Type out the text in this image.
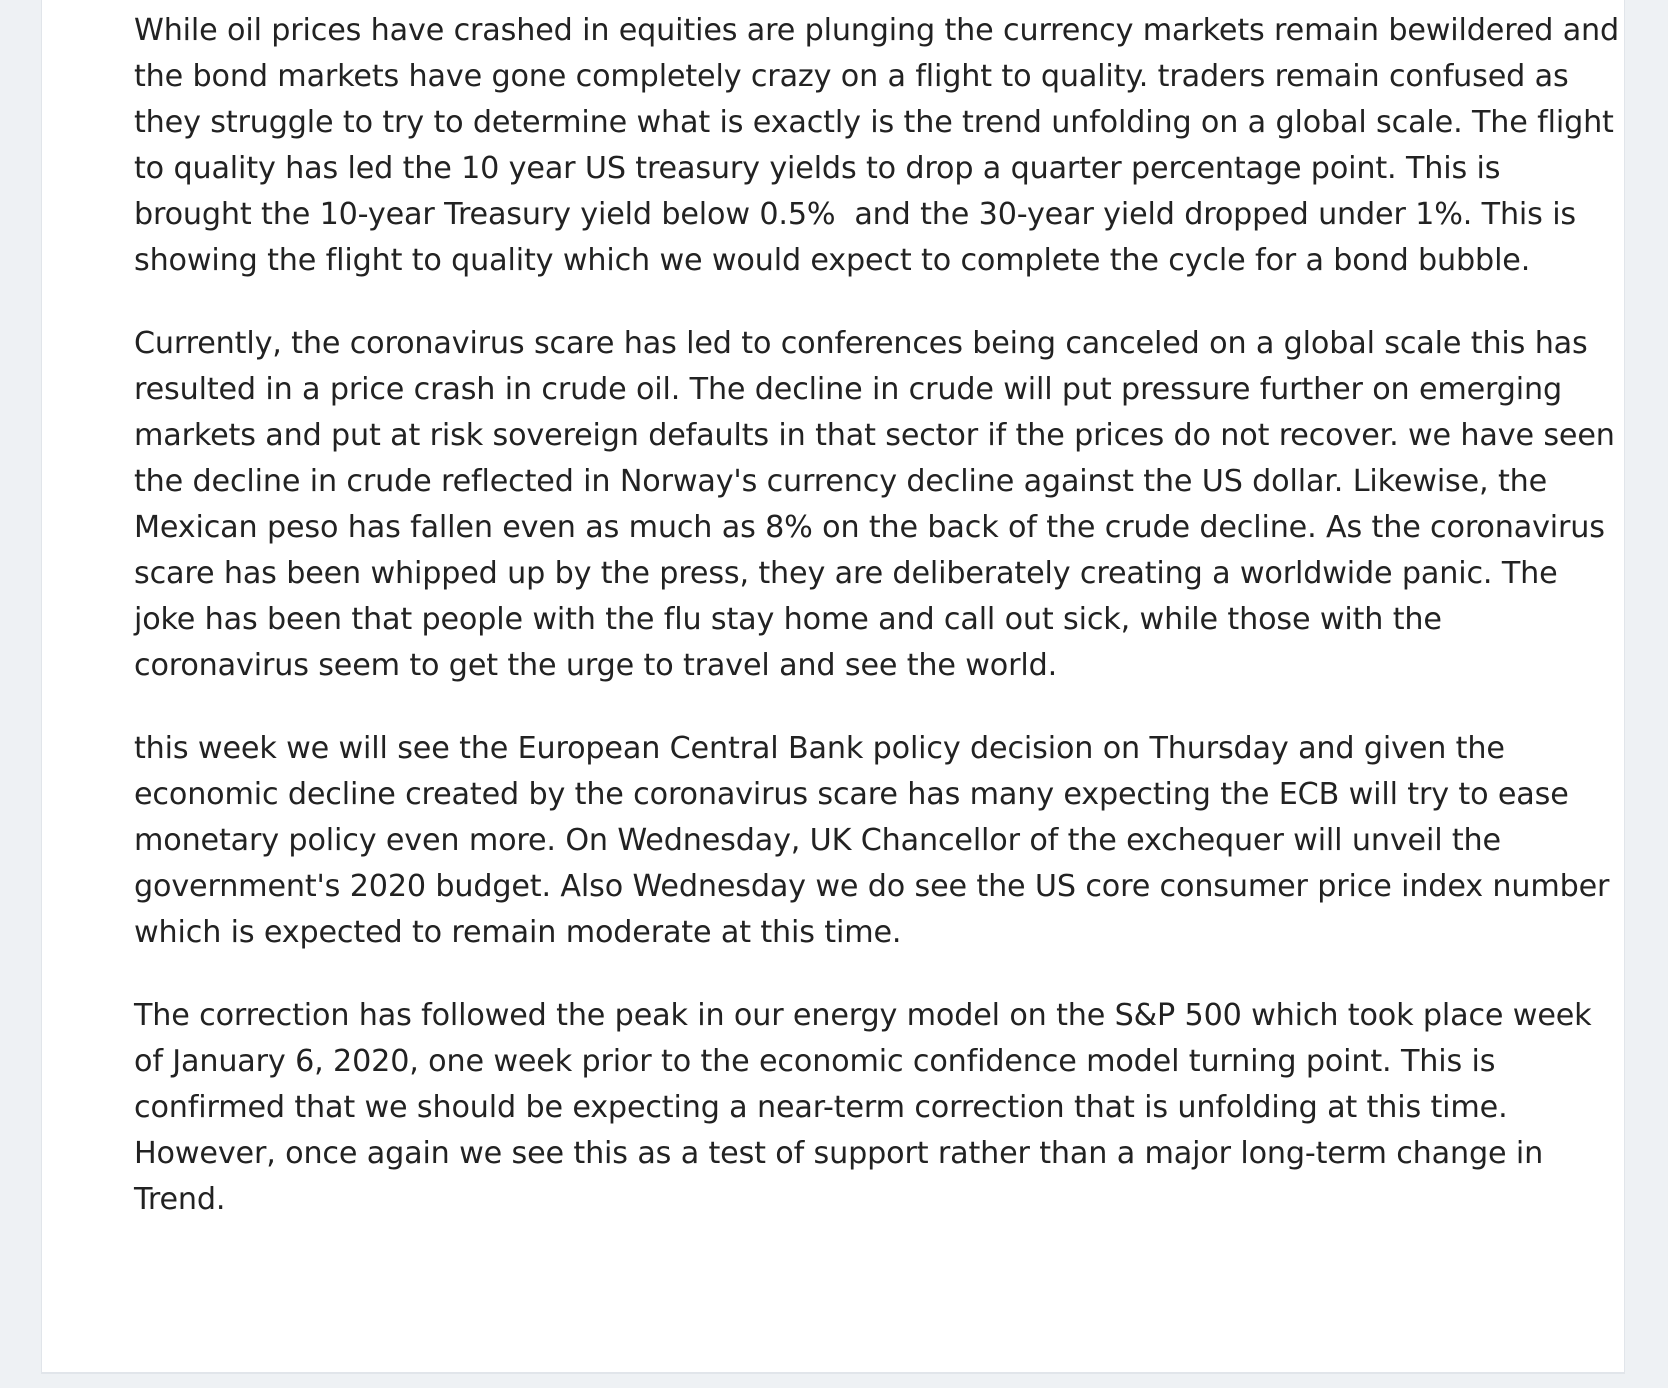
While oil prices have crashed in equities are plunging the currency markets remain bewildered and the bond markets have gone completely crazy on a flight to quality. traders remain confused as they struggle to try to determine what is exactly is the trend unfolding on a global scale. The flight to quality has led the 10 year US treasury yields to drop a quarter percentage point. This is brought the 10-year Treasury yield below 0.5%  and the 30-year yield dropped under 1%. This is showing the flight to quality which we would expect to complete the cycle for a bond bubble.

Currently, the coronavirus scare has led to conferences being canceled on a global scale this has resulted in a price crash in crude oil. The decline in crude will put pressure further on emerging markets and put at risk sovereign defaults in that sector if the prices do not recover. we have seen the decline in crude reflected in Norway's currency decline against the US dollar. Likewise, the Mexican peso has fallen even as much as 8% on the back of the crude decline. As the coronavirus scare has been whipped up by the press, they are deliberately creating a worldwide panic. The joke has been that people with the flu stay home and call out sick, while those with the coronavirus seem to get the urge to travel and see the world.

this week we will see the European Central Bank policy decision on Thursday and given the economic decline created by the coronavirus scare has many expecting the ECB will try to ease monetary policy even more. On Wednesday, UK Chancellor of the exchequer will unveil the government's 2020 budget. Also Wednesday we do see the US core consumer price index number which is expected to remain moderate at this time.

The correction has followed the peak in our energy model on the S&P 500 which took place week of January 6, 2020, one week prior to the economic confidence model turning point. This is confirmed that we should be expecting a near-term correction that is unfolding at this time. However, once again we see this as a test of support rather than a major long-term change in Trend.
